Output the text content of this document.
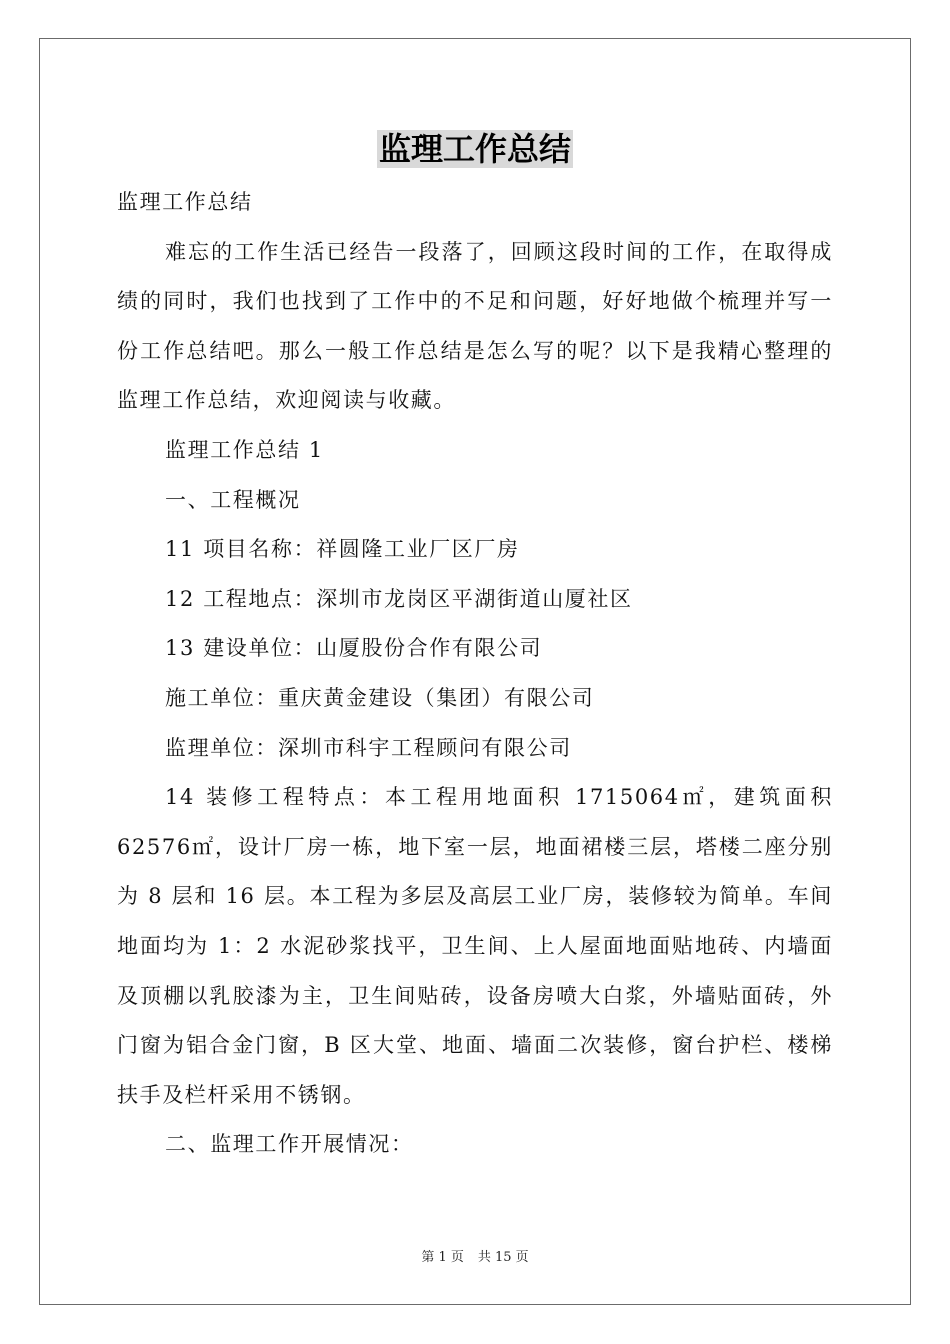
监理工作总结

监理工作总结

难忘的工作生活已经告一段落了，回顾这段时间的工作，在取得成绩的同时，我们也找到了工作中的不足和问题，好好地做个梳理并写一份工作总结吧。那么一般工作总结是怎么写的呢？以下是我精心整理的监理工作总结，欢迎阅读与收藏。

监理工作总结 1

一、工程概况

11 项目名称：祥圆隆工业厂区厂房

12 工程地点：深圳市龙岗区平湖街道山厦社区

13 建设单位：山厦股份合作有限公司

施工单位：重庆黄金建设（集团）有限公司

监理单位：深圳市科宇工程顾问有限公司

14 装修工程特点：本工程用地面积 1715064㎡，建筑面积 62576㎡，设计厂房一栋，地下室一层，地面裙楼三层，塔楼二座分别为 8 层和 16 层。本工程为多层及高层工业厂房，装修较为简单。车间地面均为 1：2 水泥砂浆找平，卫生间、上人屋面地面贴地砖、内墙面及顶棚以乳胶漆为主，卫生间贴砖，设备房喷大白浆，外墙贴面砖，外门窗为铝合金门窗，B 区大堂、地面、墙面二次装修，窗台护栏、楼梯扶手及栏杆采用不锈钢。

二、监理工作开展情况：

第 1 页 共 15 页
